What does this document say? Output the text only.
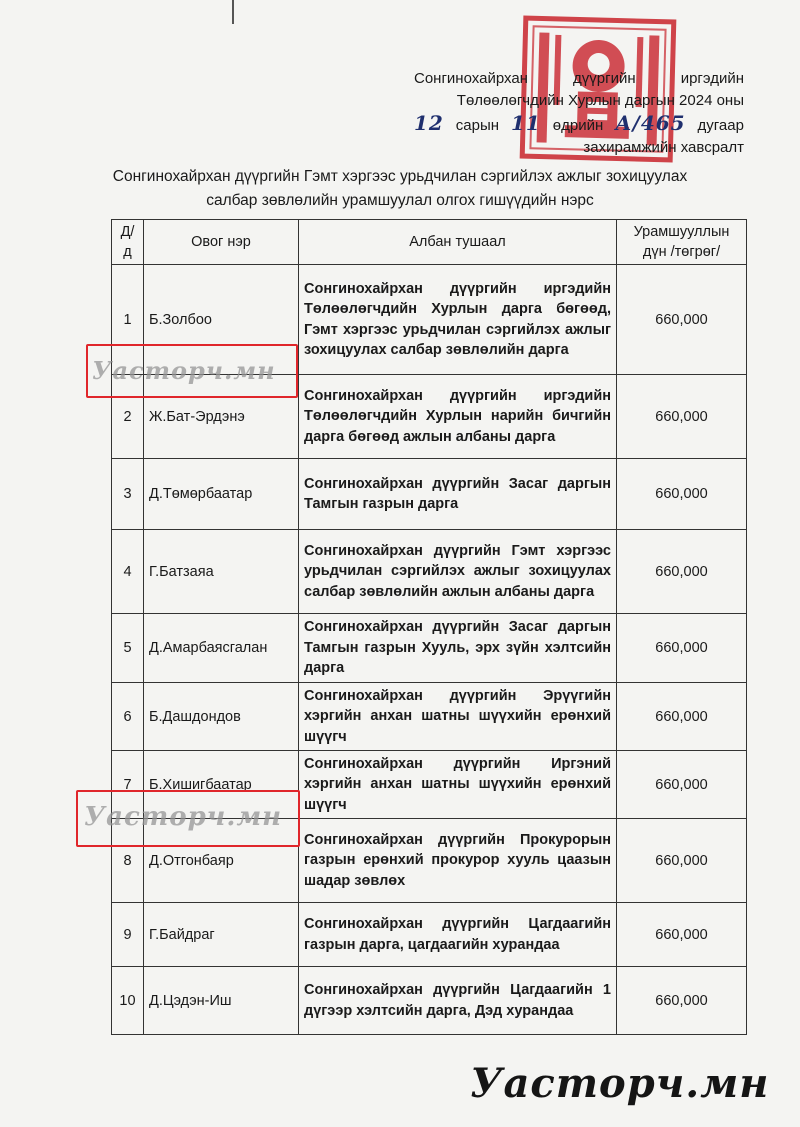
Сонгинохайрхан	дүүргийн	иргэдийн
Төлөөлөгчдийн Хурлын даргын 2024 оны
12 сарын 11 өдрийн А/465 дугаар
захирамжийн хавсралт
Сонгинохайрхан дүүргийн Гэмт хэргээс урьдчилан сэргийлэх ажлыг зохицуулах
салбар зөвлөлийн урамшуулал олгох гишүүдийн нэрс
Д/д	Овог нэр	Албан тушаал	Урамшууллын
дүн /төгрөг/

1	Б.Золбоо	Сонгинохайрхан дүүргийн иргэдийн Төлөөлөгчдийн Хурлын дарга бөгөөд, Гэмт хэргээс урьдчилан сэргийлэх ажлыг зохицуулах салбар зөвлөлийн дарга	660,000
2	Ж.Бат-Эрдэнэ	Сонгинохайрхан дүүргийн иргэдийн Төлөөлөгчдийн Хурлын нарийн бичгийн дарга бөгөөд ажлын албаны дарга	660,000
3	Д.Төмөрбаатар	Сонгинохайрхан дүүргийн Засаг даргын Тамгын газрын дарга	660,000
4	Г.Батзаяа	Сонгинохайрхан дүүргийн Гэмт хэргээс урьдчилан сэргийлэх ажлыг зохицуулах салбар зөвлөлийн ажлын албаны дарга	660,000
5	Д.Амарбаясгалан	Сонгинохайрхан дүүргийн Засаг даргын Тамгын газрын Хууль, эрх зүйн хэлтсийн дарга	660,000
6	Б.Дашдондов	Сонгинохайрхан дүүргийн Эрүүгийн хэргийн анхан шатны шүүхийн ерөнхий шүүгч	660,000
7	Б.Хишигбаатар	Сонгинохайрхан дүүргийн Иргэний хэргийн анхан шатны шүүхийн ерөнхий шүүгч	660,000
8	Д.Отгонбаяр	Сонгинохайрхан дүүргийн Прокурорын газрын ерөнхий прокурор хууль цаазын шадар зөвлөх	660,000
9	Г.Байдраг	Сонгинохайрхан дүүргийн Цагдаагийн газрын дарга, цагдаагийн хурандаа	660,000
10	Д.Цэдэн-Иш	Сонгинохайрхан дүүргийн Цагдаагийн 1 дүгээр хэлтсийн дарга, Дэд хурандаа	660,000
Уасторч.мн
Уасторч.мн
Уасторч.мн
